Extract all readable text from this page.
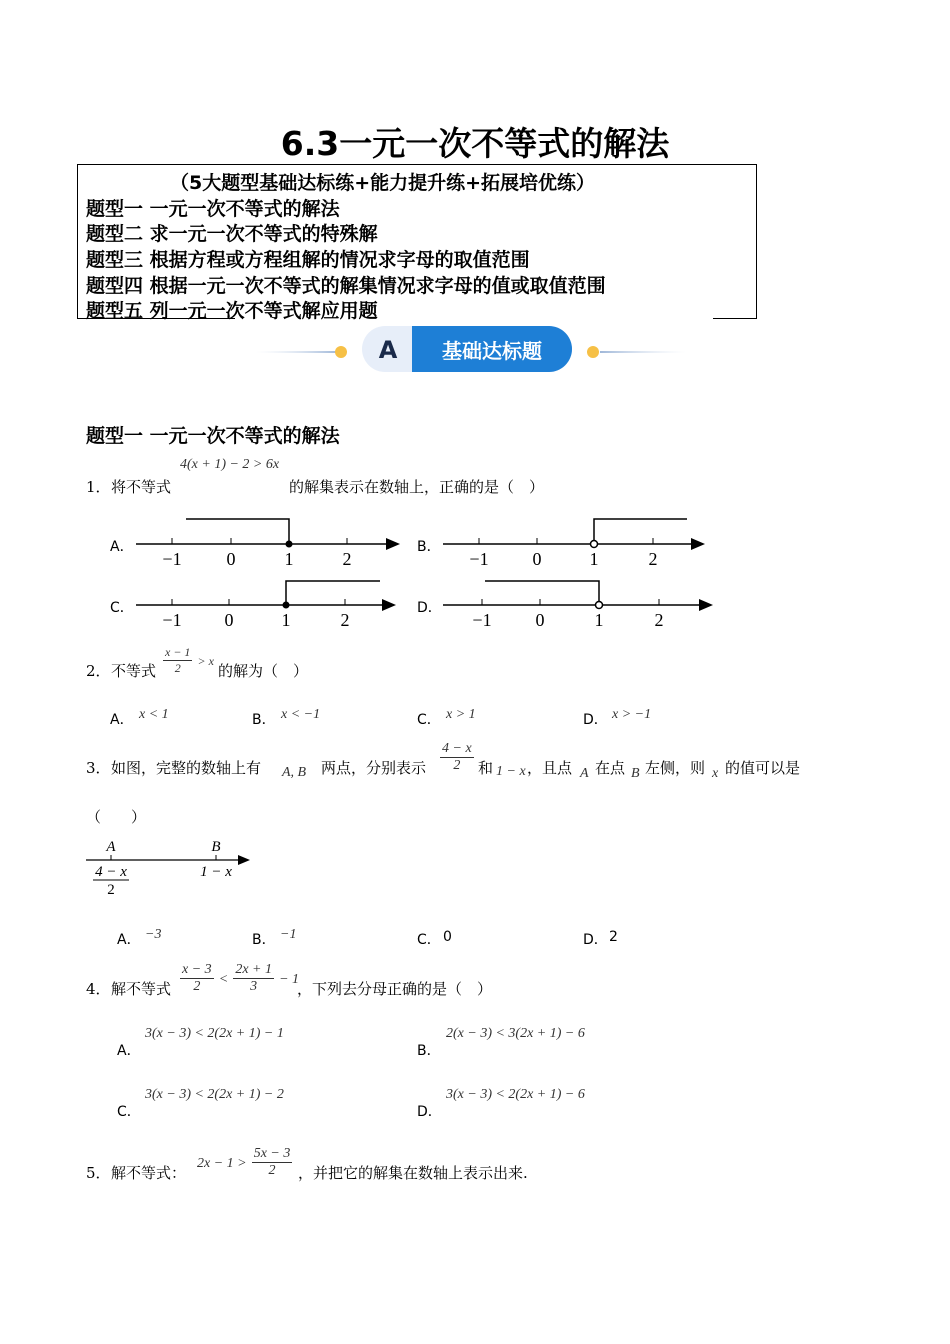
6.3一元一次不等式的解法
（5大题型基础达标练+能力提升练+拓展培优练）
题型一 一元一次不等式的解法
题型二 求一元一次不等式的特殊解
题型三 根据方程或方程组解的情况求字母的取值范围
题型四 根据一元一次不等式的解集情况求字母的值或取值范围
题型五 列一元一次不等式解应用题
A 基础达标题
题型一 一元一次不等式的解法
1． 将不等式
4(x + 1) − 2 > 6x
的解集表示在数轴上，正确的是（　）
A．
−1 0	1	2
B．
−1 0	1	2
C．
−1 0	1	2
D．
−1 0	1	2
2． 不等式 $\frac{x - 1}{2} > x$
的解为（　）
A． x < 1	B． x < −1	C． x > 1	D． x > −1
3． 如图，完整的数轴上有 A, B 两点，分别表示 $\frac{4 - x}{2}$ 和 1 − x ，且点 A 在点 B 左侧，则 x 的值可以是
（　　）
A	B
4 − x
2
1 − x
A． −3	B． −1	C． 0	D． 2
4． 解不等式 $\frac{x - 3}{2} < \frac{2x + 1}{3} - 1$
，下列去分母正确的是（　）
A．
3(x − 3) < 2(2x + 1) − 1
B．
2(x − 3) < 3(2x + 1) − 6
C．
3(x − 3) < 2(2x + 1) − 2
D．
3(x − 3) < 2(2x + 1) − 6
5． 解不等式：
$2x - 1 > \frac{5x - 3}{2}$ ，并把它的解集在数轴上表示出来.
